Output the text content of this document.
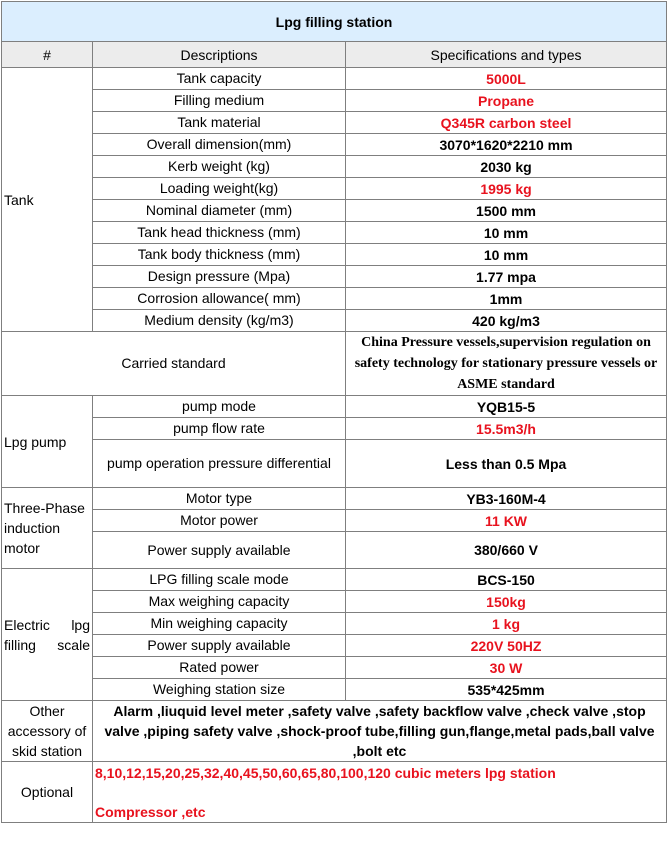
Lpg filling station		
#	Descriptions	Specifications and types
Tank	Tank capacity	5000L
	Filling medium	Propane
	Tank material	Q345R carbon steel
	Overall dimension(mm)	3070*1620*2210 mm
	Kerb weight (kg)	2030 kg
	Loading weight(kg)	1995 kg
	Nominal diameter (mm)	1500 mm
	Tank head thickness (mm)	10 mm
	Tank body thickness (mm)	10 mm
	Design pressure (Mpa)	1.77 mpa
	Corrosion allowance( mm)	1mm
	Medium density (kg/m3)	420 kg/m3
Carried standard		China Pressure vessels,supervision regulation on safety technology for stationary pressure vessels or ASME standard
Lpg pump	pump mode	YQB15-5
	pump flow rate	15.5m3/h
	pump operation pressure differential	Less than 0.5 Mpa
Three-Phase induction motor	Motor type	YB3-160M-4
	Motor power	11 KW
	Power supply available	380/660 V
Electric lpg filling scale	LPG filling scale mode	BCS-150
	Max weighing capacity	150kg
	Min weighing capacity	1 kg
	Power supply available	220V 50HZ
	Rated power	30 W
	Weighing station size	535*425mm
Other accessory of skid station	Alarm ,liuquid level meter ,safety valve ,safety backflow valve ,check valve ,stop valve ,piping safety valve ,shock-proof tube,filling gun,flange,metal pads,ball valve ,bolt etc	
Optional	8,10,12,15,20,25,32,40,45,50,60,65,80,100,120 cubic meters lpg station
Compressor ,etc	
